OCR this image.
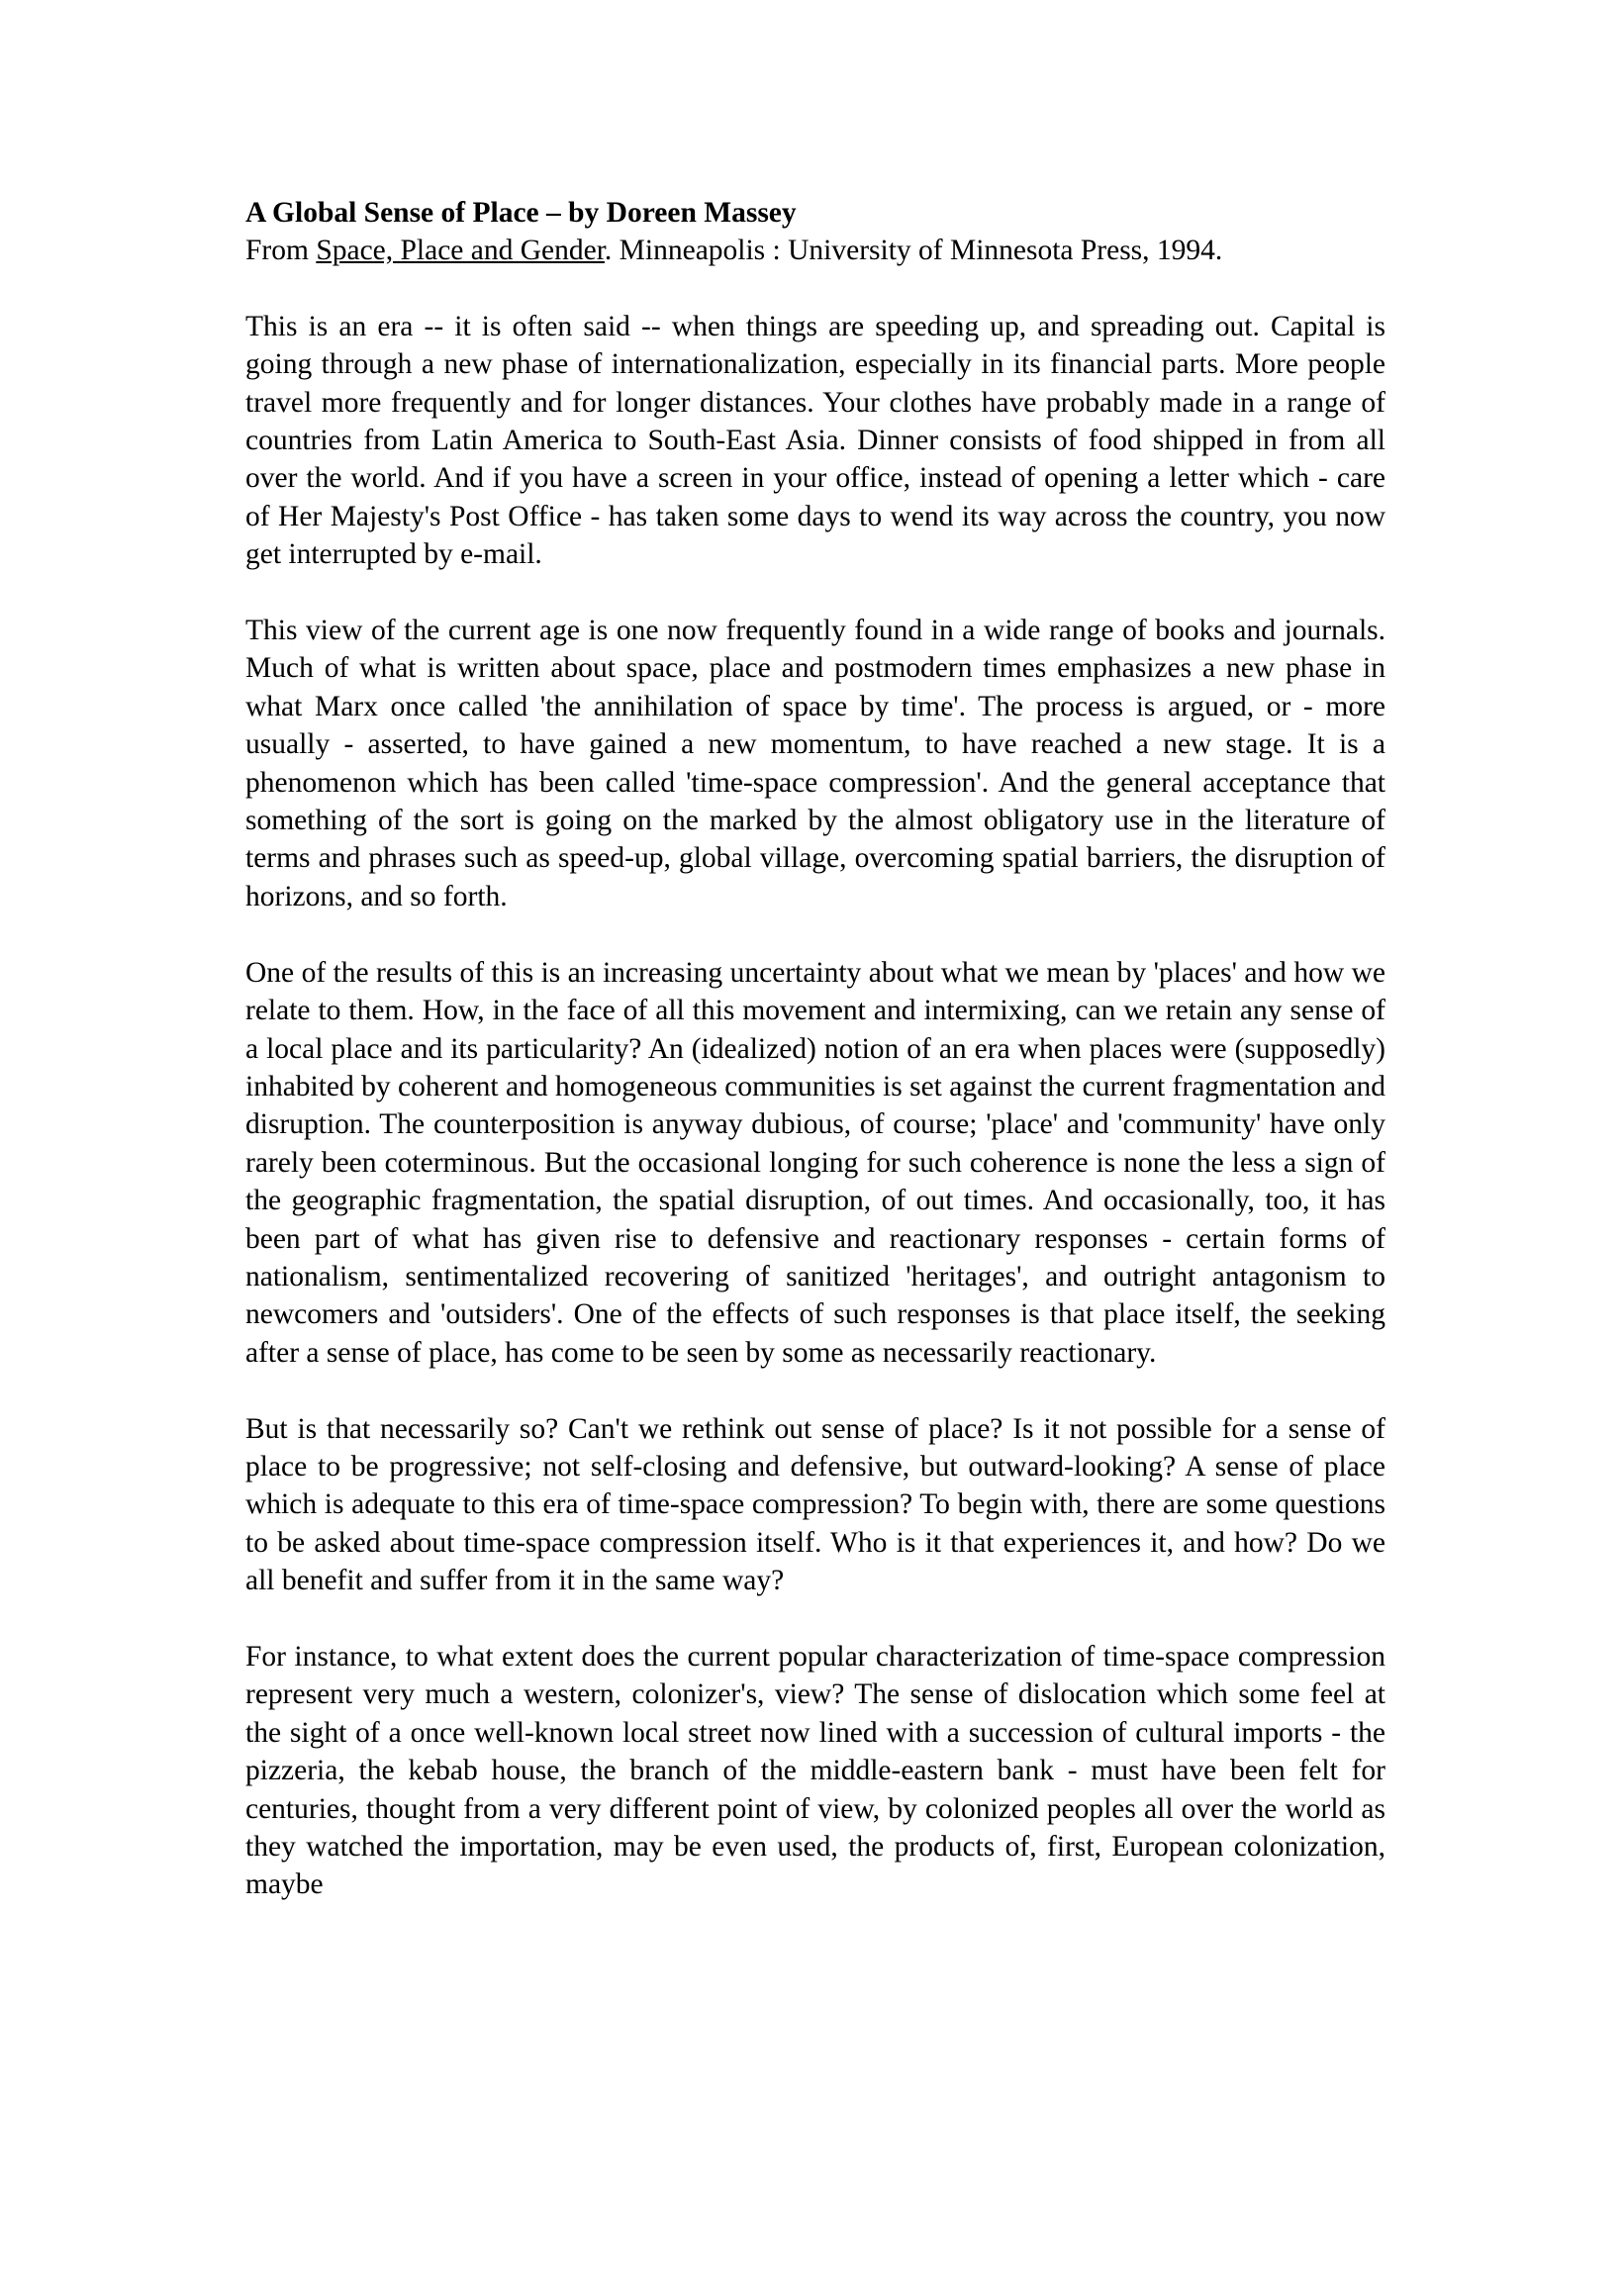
A Global Sense of Place – by Doreen Massey

From Space, Place and Gender. Minneapolis : University of Minnesota Press, 1994.

This is an era -- it is often said -- when things are speeding up, and spreading out. Capital is going through a new phase of internationalization, especially in its financial parts. More people travel more frequently and for longer distances. Your clothes have probably made in a range of countries from Latin America to South-East Asia. Dinner consists of food shipped in from all over the world. And if you have a screen in your office, instead of opening a letter which - care of Her Majesty's Post Office - has taken some days to wend its way across the country, you now get interrupted by e-mail.

This view of the current age is one now frequently found in a wide range of books and journals. Much of what is written about space, place and postmodern times emphasizes a new phase in what Marx once called 'the annihilation of space by time'. The process is argued, or - more usually - asserted, to have gained a new momentum, to have reached a new stage. It is a phenomenon which has been called 'time-space compression'. And the general acceptance that something of the sort is going on the marked by the almost obligatory use in the literature of terms and phrases such as speed-up, global village, overcoming spatial barriers, the disruption of horizons, and so forth.

One of the results of this is an increasing uncertainty about what we mean by 'places' and how we relate to them. How, in the face of all this movement and intermixing, can we retain any sense of a local place and its particularity? An (idealized) notion of an era when places were (supposedly) inhabited by coherent and homogeneous communities is set against the current fragmentation and disruption. The counterposition is anyway dubious, of course; 'place' and 'community' have only rarely been coterminous. But the occasional longing for such coherence is none the less a sign of the geographic fragmentation, the spatial disruption, of out times. And occasionally, too, it has been part of what has given rise to defensive and reactionary responses - certain forms of nationalism, sentimentalized recovering of sanitized 'heritages', and outright antagonism to newcomers and 'outsiders'. One of the effects of such responses is that place itself, the seeking after a sense of place, has come to be seen by some as necessarily reactionary.

But is that necessarily so? Can't we rethink out sense of place? Is it not possible for a sense of place to be progressive; not self-closing and defensive, but outward-looking? A sense of place which is adequate to this era of time-space compression? To begin with, there are some questions to be asked about time-space compression itself. Who is it that experiences it, and how? Do we all benefit and suffer from it in the same way?

For instance, to what extent does the current popular characterization of time-space compression represent very much a western, colonizer's, view? The sense of dislocation which some feel at the sight of a once well-known local street now lined with a succession of cultural imports - the pizzeria, the kebab house, the branch of the middle-eastern bank - must have been felt for centuries, thought from a very different point of view, by colonized peoples all over the world as they watched the importation, may be even used, the products of, first, European colonization, maybe
